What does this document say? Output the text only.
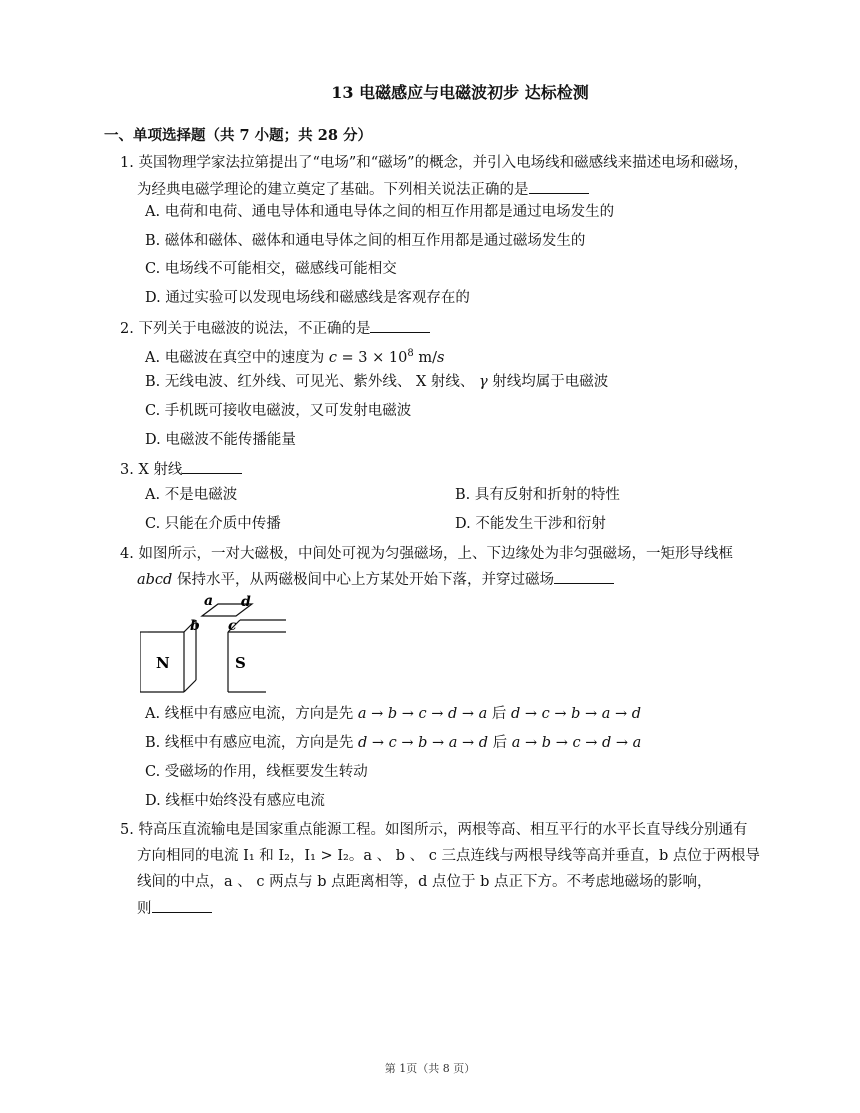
13 电磁感应与电磁波初步 达标检测
一、单项选择题（共 7 小题；共 28 分）
1. 英国物理学家法拉第提出了“电场”和“磁场”的概念，并引入电场线和磁感线来描述电场和磁场，
为经典电磁学理论的建立奠定了基础。下列相关说法正确的是
A. 电荷和电荷、通电导体和通电导体之间的相互作用都是通过电场发生的
B. 磁体和磁体、磁体和通电导体之间的相互作用都是通过磁场发生的
C. 电场线不可能相交，磁感线可能相交
D. 通过实验可以发现电场线和磁感线是客观存在的
2. 下列关于电磁波的说法，不正确的是
A. 电磁波在真空中的速度为 $c = 3 \times 10^8$ m/s
B. 无线电波、红外线、可见光、紫外线、 X 射线、 γ 射线均属于电磁波
C. 手机既可接收电磁波，又可发射电磁波
D. 电磁波不能传播能量
3. X 射线
A. 不是电磁波	B. 具有反射和折射的特性
C. 只能在介质中传播	D. 不能发生干涉和衍射
4. 如图所示，一对大磁极，中间处可视为匀强磁场，上、下边缘处为非匀强磁场，一矩形导线框
abcd 保持水平，从两磁极间中心上方某处开始下落，并穿过磁场
a d
b c
N	S
A. 线框中有感应电流，方向是先 a → b → c → d → a 后 d → c → b → a → d
B. 线框中有感应电流，方向是先 d → c → b → a → d 后 a → b → c → d → a
C. 受磁场的作用，线框要发生转动
D. 线框中始终没有感应电流
5. 特高压直流输电是国家重点能源工程。如图所示，两根等高、相互平行的水平长直导线分别通有
方向相同的电流 I₁ 和 I₂，I₁ > I₂。a 、 b 、 c 三点连线与两根导线等高并垂直，b 点位于两根导
线间的中点，a 、 c 两点与 b 点距离相等，d 点位于 b 点正下方。不考虑地磁场的影响，
则
第 1页（共 8 页）
